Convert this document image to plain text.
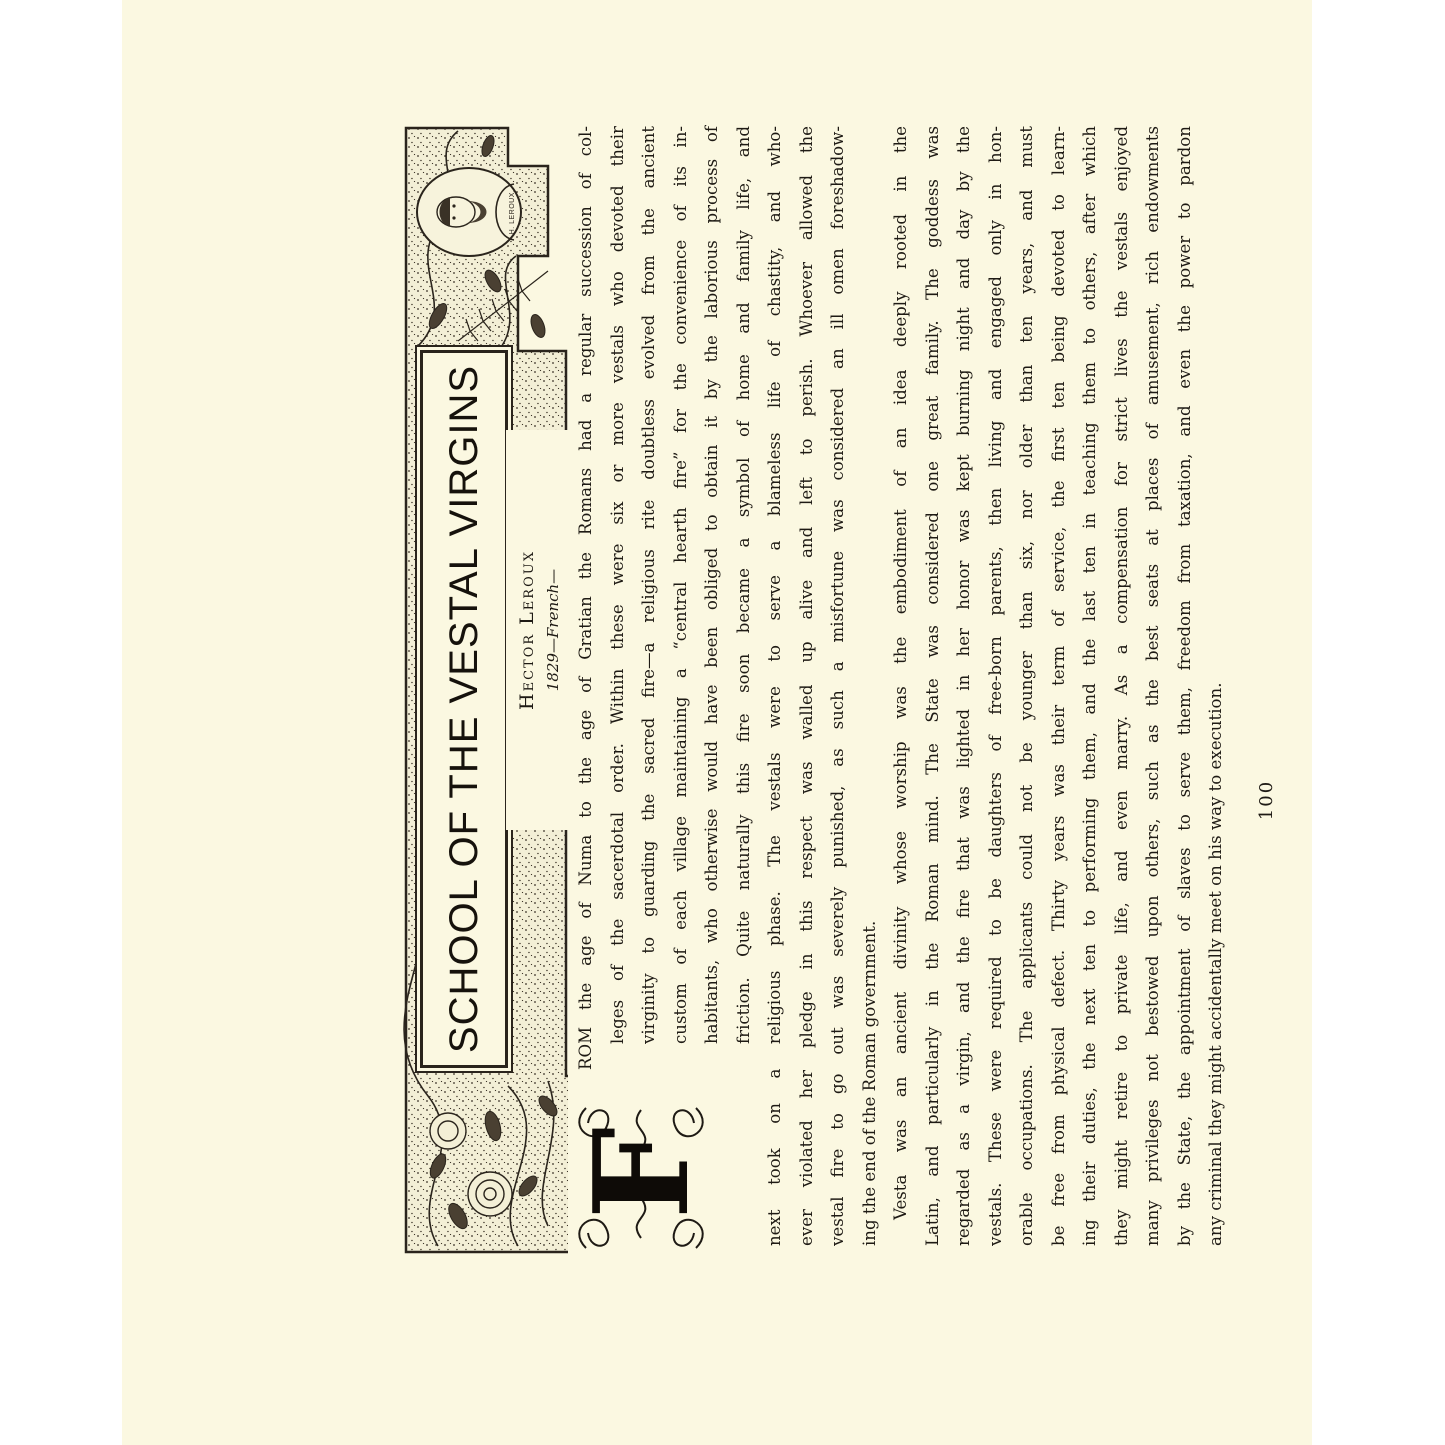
SCHOOL OF THE VESTAL VIRGINS Hector Leroux 1829—French—
H. LEROUX.
F

ROM the age of Numa to the age of Gratian the Romans had a regular succession of col- leges of the sacerdotal order. Within these were six or more vestals who devoted their virginity to guarding the sacred fire—a religious rite doubtless evolved from the ancient custom of each village maintaining a “central hearth fire” for the convenience of its in- habitants, who otherwise would have been obliged to obtain it by the laborious process of friction. Quite naturally this fire soon became a symbol of home and family life, and next took on a religious phase. The vestals were to serve a blameless life of chastity, and who- ever violated her pledge in this respect was walled up alive and left to perish. Whoever allowed the vestal fire to go out was severely punished, as such a misfortune was considered an ill omen foreshadow- ing the end of the Roman government. Vesta was an ancient divinity whose worship was the embodiment of an idea deeply rooted in the Latin, and particularly in the Roman mind. The State was considered one great family. The goddess was regarded as a virgin, and the fire that was lighted in her honor was kept burning night and day by the vestals. These were required to be daughters of free-born parents, then living and engaged only in hon- orable occupations. The applicants could not be younger than six, nor older than ten years, and must be free from physical defect. Thirty years was their term of service, the first ten being devoted to learn- ing their duties, the next ten to performing them, and the last ten in teaching them to others, after which they might retire to private life, and even marry. As a compensation for strict lives the vestals enjoyed many privileges not bestowed upon others, such as the best seats at places of amusement, rich endowments by the State, the appointment of slaves to serve them, freedom from taxation, and even the power to pardon any criminal they might accidentally meet on his way to execution.	100
